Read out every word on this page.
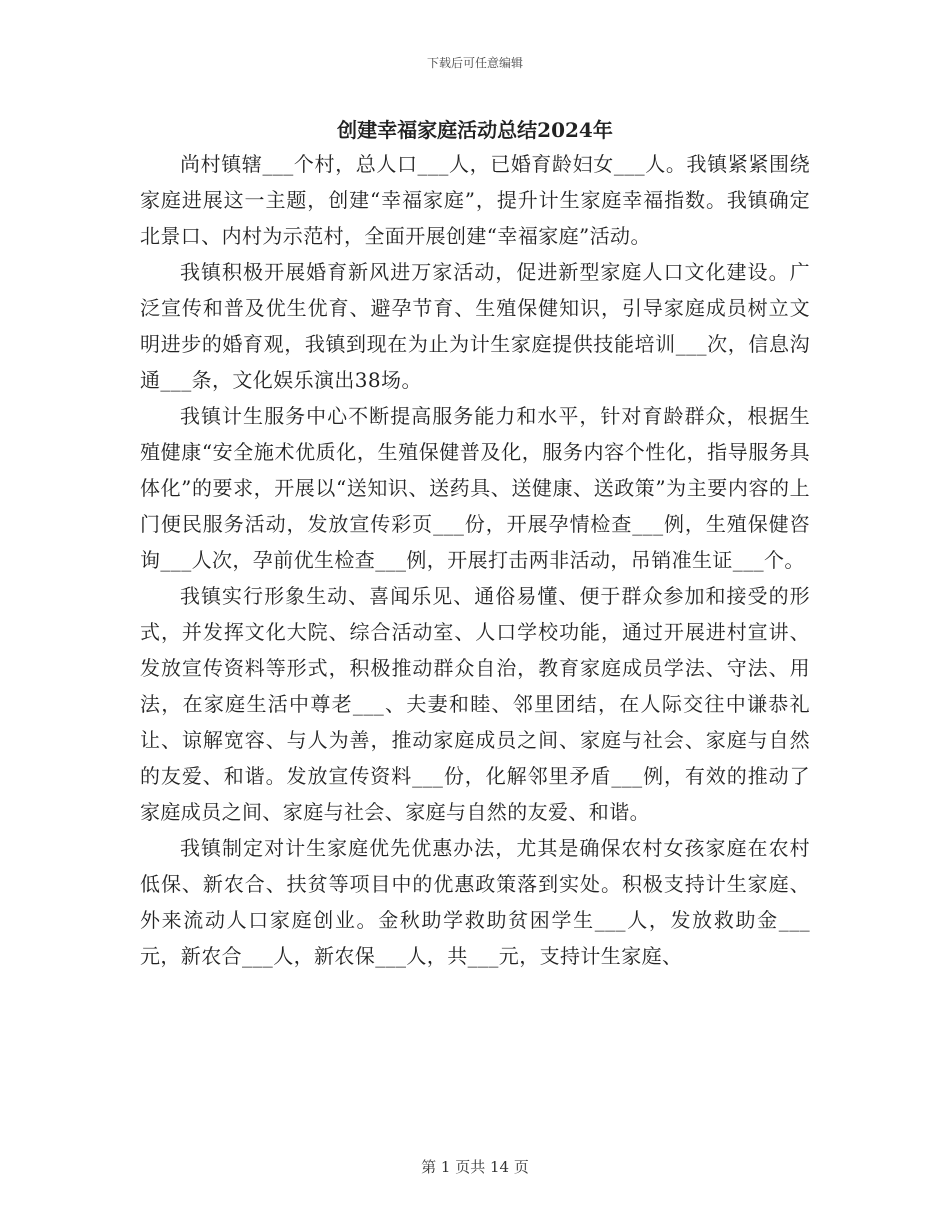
下载后可任意编辑
创建幸福家庭活动总结2024年

尚村镇辖___个村，总人口___人，已婚育龄妇女___人。我镇紧紧围绕家庭进展这一主题，创建“幸福家庭”，提升计生家庭幸福指数。我镇确定北景口、内村为示范村，全面开展创建“幸福家庭”活动。

我镇积极开展婚育新风进万家活动，促进新型家庭人口文化建设。广泛宣传和普及优生优育、避孕节育、生殖保健知识，引导家庭成员树立文明进步的婚育观，我镇到现在为止为计生家庭提供技能培训___次，信息沟通___条，文化娱乐演出38场。

我镇计生服务中心不断提高服务能力和水平，针对育龄群众，根据生殖健康“安全施术优质化，生殖保健普及化，服务内容个性化，指导服务具体化”的要求，开展以“送知识、送药具、送健康、送政策”为主要内容的上门便民服务活动，发放宣传彩页___份，开展孕情检查___例，生殖保健咨询___人次，孕前优生检查___例，开展打击两非活动，吊销准生证___个。

我镇实行形象生动、喜闻乐见、通俗易懂、便于群众参加和接受的形式，并发挥文化大院、综合活动室、人口学校功能，通过开展进村宣讲、发放宣传资料等形式，积极推动群众自治，教育家庭成员学法、守法、用法，在家庭生活中尊老___、夫妻和睦、邻里团结，在人际交往中谦恭礼让、谅解宽容、与人为善，推动家庭成员之间、家庭与社会、家庭与自然的友爱、和谐。发放宣传资料___份，化解邻里矛盾___例，有效的推动了家庭成员之间、家庭与社会、家庭与自然的友爱、和谐。

我镇制定对计生家庭优先优惠办法，尤其是确保农村女孩家庭在农村低保、新农合、扶贫等项目中的优惠政策落到实处。积极支持计生家庭、外来流动人口家庭创业。金秋助学救助贫困学生___人，发放救助金___元，新农合___人，新农保___人，共___元，支持计生家庭、

第 1 页共 14 页
